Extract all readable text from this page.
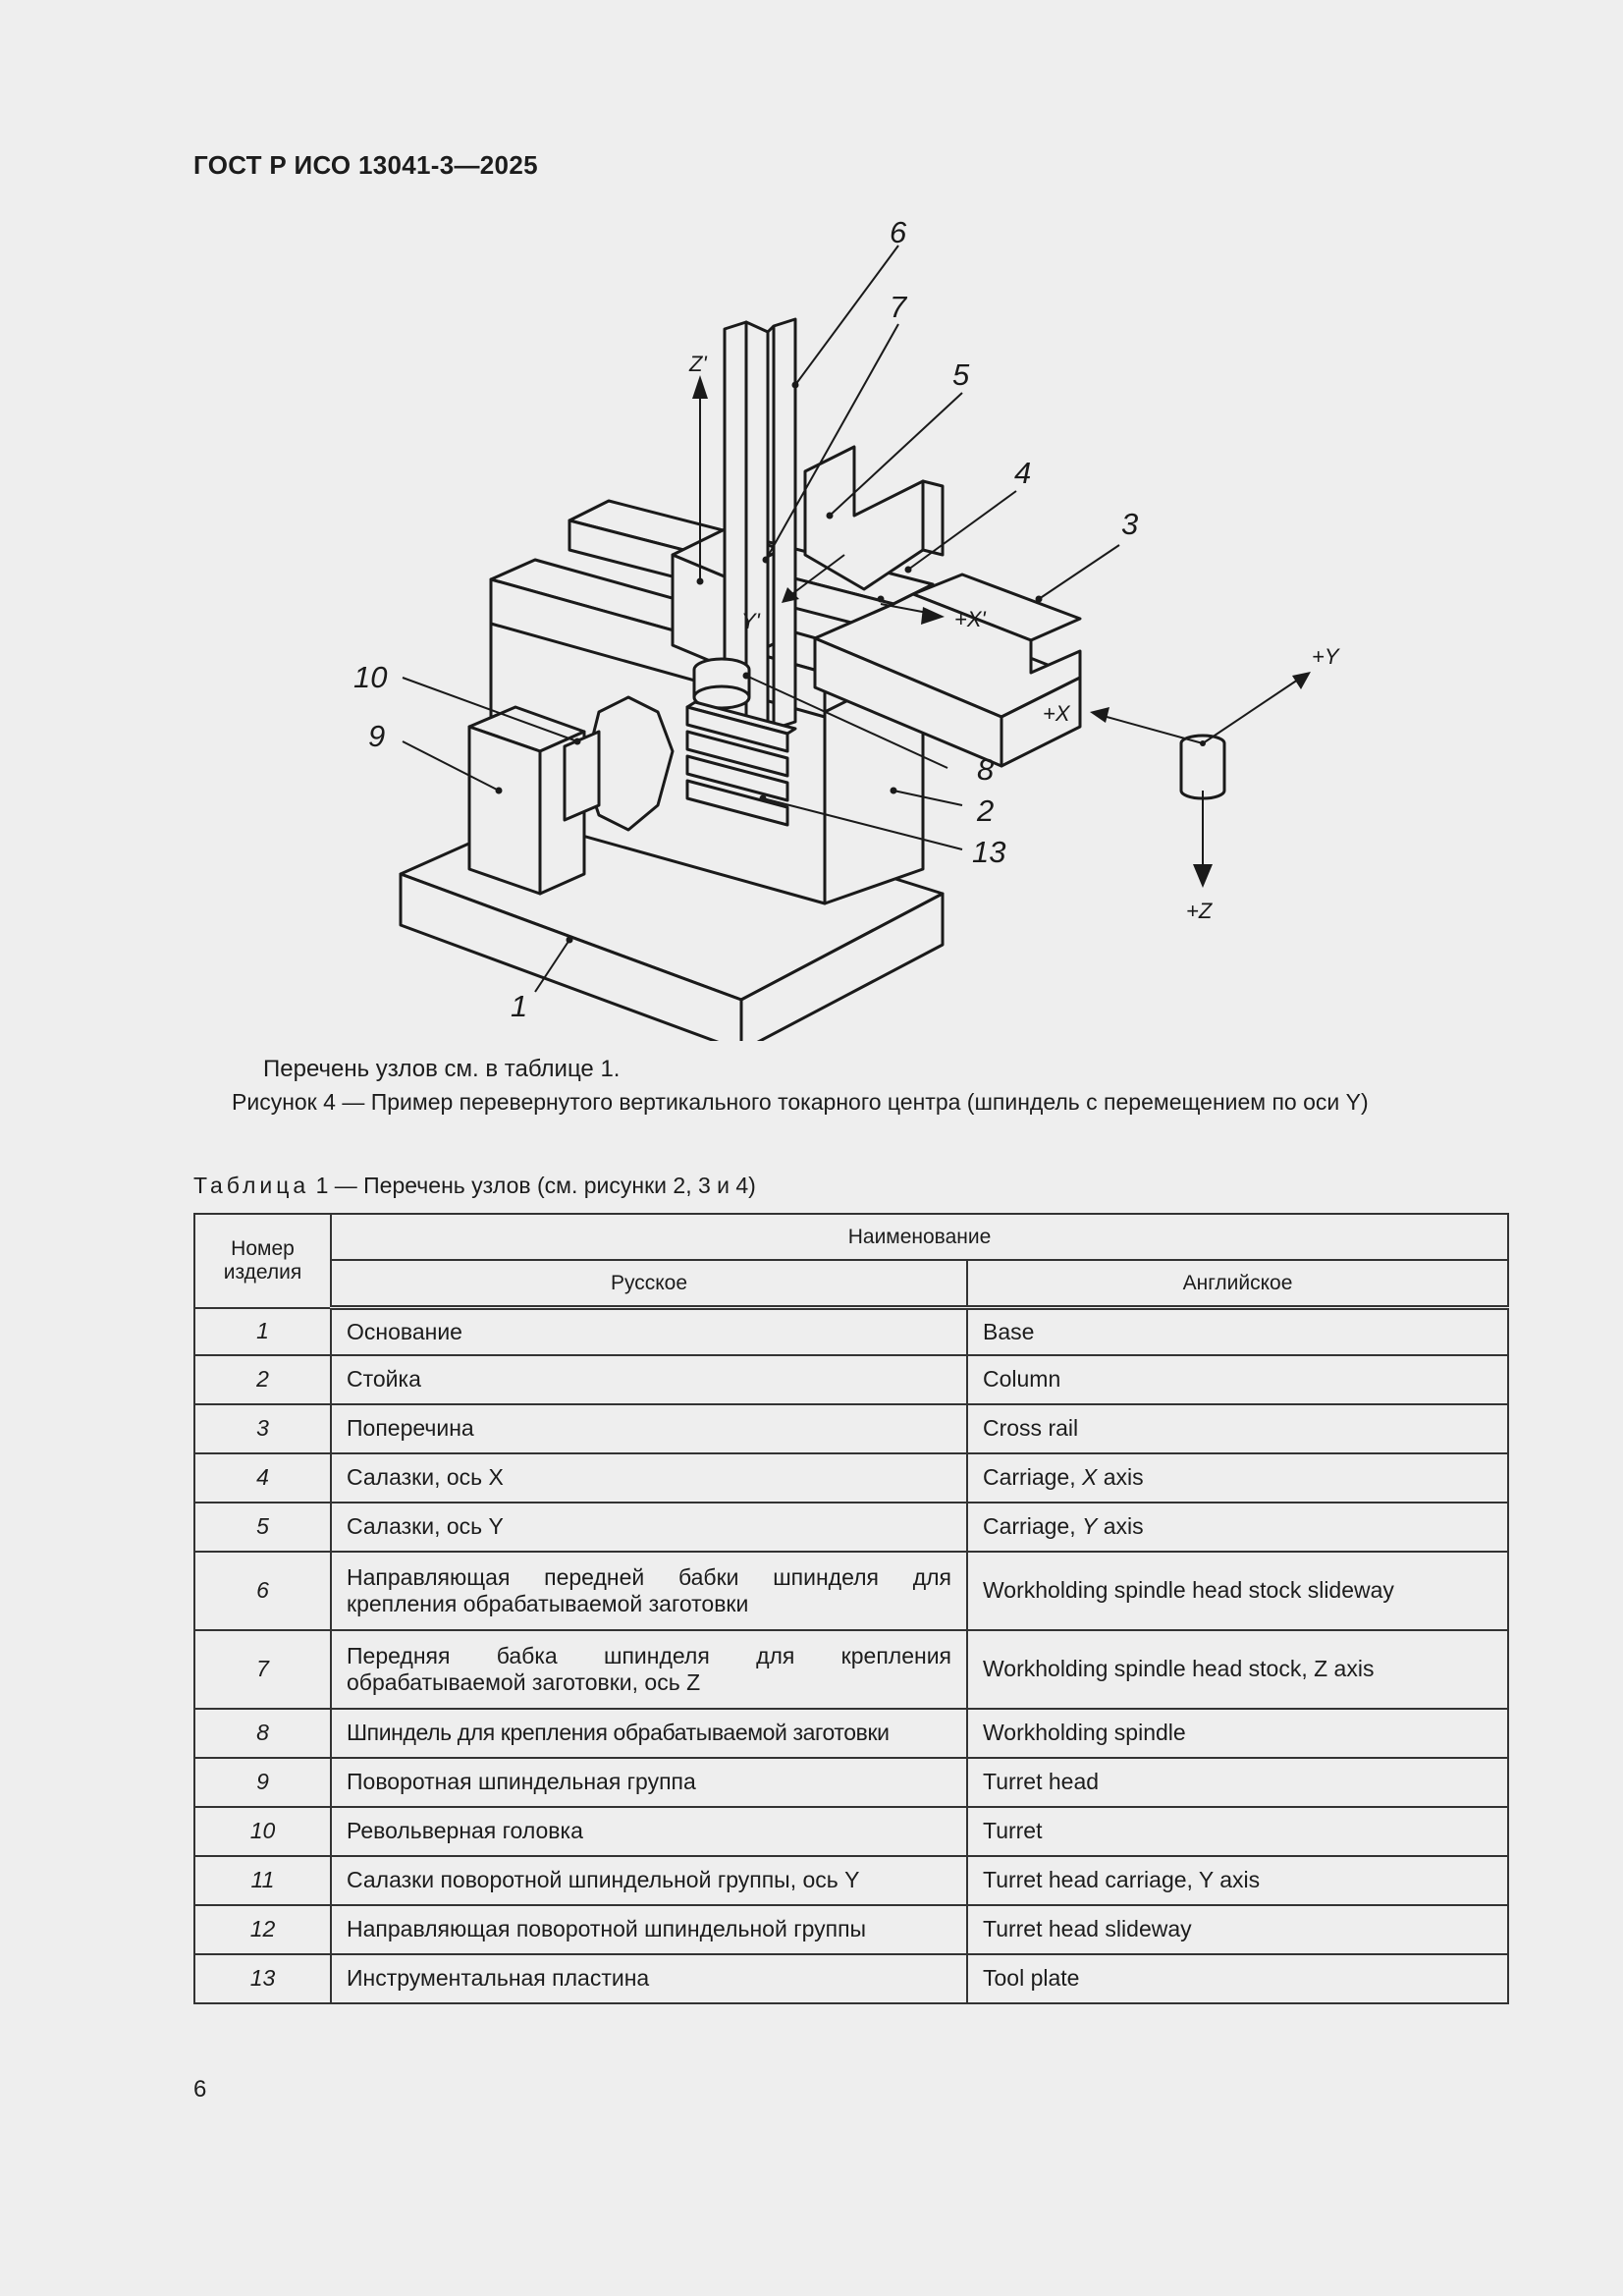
ГОСТ Р ИСО 13041-3—2025
6
7
5
4
3
8
2
13
10
9
1
Z'
Y'	+X'
+X
+Y
+Z
Перечень узлов см. в таблице 1.
Рисунок 4 — Пример перевернутого вертикального токарного центра (шпиндель с перемещением по оси Y)
Таблица 1 — Перечень узлов (см. рисунки 2, 3 и 4)
Номер изделия	Наименование	
	Русское	Английское
1	Основание	Base
2	Стойка	Column
3	Поперечина	Cross rail
4	Салазки, ось X	Carriage, X axis
5	Салазки, ось Y	Carriage, Y axis
6	Направляющая передней бабки шпинделя для крепления обрабатываемой заготовки	Workholding spindle head stock slideway
7	Передняя бабка шпинделя для крепления обрабатываемой заготовки, ось Z	Workholding spindle head stock, Z axis
8	Шпиндель для крепления обрабатываемой заготовки	Workholding spindle
9	Поворотная шпиндельная группа	Turret head
10	Револьверная головка	Turret
11	Салазки поворотной шпиндельной группы, ось Y	Turret head carriage, Y axis
12	Направляющая поворотной шпиндельной группы	Turret head slideway
13	Инструментальная пластина	Tool plate
6
